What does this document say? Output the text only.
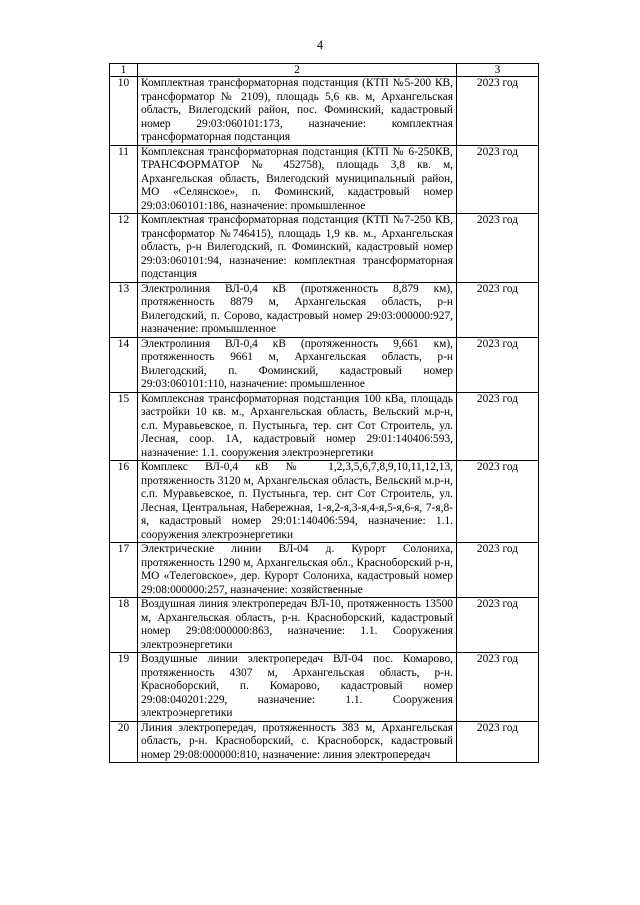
4
1	2	3
10	Комплектная трансформаторная подстанция (КТП №5-200 КВ, трансформатор № 2109), площадь 5,6 кв. м, Архангельская область, Вилегодский район, пос. Фоминский, кадастровый номер 29:03:060101:173, назначение: комплектная трансформаторная подстанция	2023 год
11	Комплексная трансформаторная подстанция (КТП № 6-250КВ, ТРАНСФОРМАТОР № 452758), площадь 3,8 кв. м, Архангельская область, Вилегодский муниципальный район, МО «Селянское», п. Фоминский, кадастровый номер 29:03:060101:186, назначение: промышленное	2023 год
12	Комплектная трансформаторная подстанция (КТП №7-250 КВ, трансформатор №746415), площадь 1,9 кв. м., Архангельская область, р-н Вилегодский, п. Фоминский, кадастровый номер 29:03:060101:94, назначение: комплектная трансформаторная подстанция	2023 год
13	Электролиния ВЛ-0,4 кВ (протяженность 8,879 км), протяженность 8879 м, Архангельская область, р-н Вилегодский, п. Сорово, кадастровый номер 29:03:000000:927, назначение: промышленное	2023 год
14	Электролиния ВЛ-0,4 кВ (протяженность 9,661 км), протяженность 9661 м, Архангельская область, р-н Вилегодский, п. Фоминский, кадастровый номер 29:03:060101:110, назначение: промышленное	2023 год
15	Комплексная трансформаторная подстанция 100 кВа, площадь застройки 10 кв. м., Архангельская область, Вельский м.р-н, с.п. Муравьевское, п. Пустыньга, тер. снт Сот Строитель, ул. Лесная, соор. 1А, кадастровый номер 29:01:140406:593, назначение: 1.1. сооружения электроэнергетики	2023 год
16	Комплекс ВЛ-0,4 кВ № 1,2,3,5,6,7,8,9,10,11,12,13, протяженность 3120 м, Архангельская область, Вельский м.р-н, с.п. Муравьевское, п. Пустыньга, тер. снт Сот Строитель, ул. Лесная, Центральная, Набережная, 1-я,2-я,3-я,4-я,5-я,6-я, 7-я,8-я, кадастровый номер 29:01:140406:594, назначение: 1.1. сооружения электроэнергетики	2023 год
17	Электрические линии ВЛ-04 д. Курорт Солониха, протяженность 1290 м, Архангельская обл., Красноборский р-н, МО «Телеговское», дер. Курорт Солониха, кадастровый номер 29:08:000000:257, назначение: хозяйственные	2023 год
18	Воздушная линия электропередач ВЛ-10, протяженность 13500 м, Архангельская область, р-н. Красноборский, кадастровый номер 29:08:000000:863, назначение: 1.1. Сооружения электроэнергетики	2023 год
19	Воздушные линии электропередач ВЛ-04 пос. Комарово, протяженность 4307 м, Архангельская область, р-н. Красноборский, п. Комарово, кадастровый номер 29:08:040201:229, назначение: 1.1. Сооружения электроэнергетики	2023 год
20	Линия электропередач, протяженность 383 м, Архангельская область, р-н. Красноборский, с. Красноборск, кадастровый номер 29:08:000000:810, назначение: линия электропередач	2023 год
